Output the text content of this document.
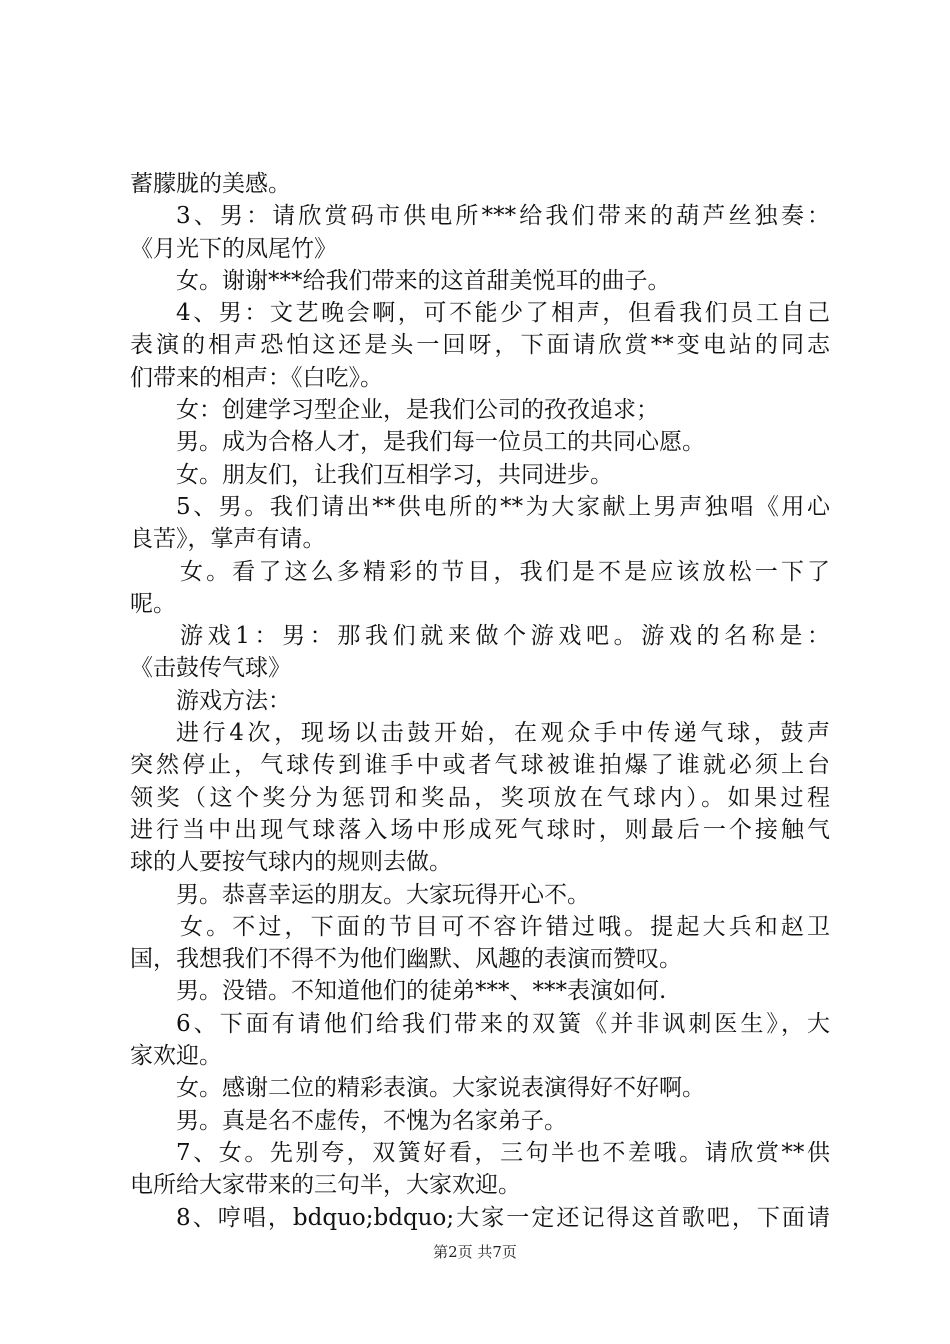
蓄朦胧的美感。
3、男：请欣赏码市供电所***给我们带来的葫芦丝独奏：
《月光下的凤尾竹》
女。谢谢***给我们带来的这首甜美悦耳的曲子。
4、男：文艺晚会啊，可不能少了相声，但看我们员工自己
表演的相声恐怕这还是头一回呀，下面请欣赏**变电站的同志
们带来的相声：《白吃》。
女：创建学习型企业，是我们公司的孜孜追求；
男。成为合格人才，是我们每一位员工的共同心愿。
女。朋友们，让我们互相学习，共同进步。
5、男。我们请出**供电所的**为大家献上男声独唱《用心
良苦》，掌声有请。
女。看了这么多精彩的节目，我们是不是应该放松一下了
呢。
游戏1：男：那我们就来做个游戏吧。游戏的名称是：
《击鼓传气球》
游戏方法：
进行4次，现场以击鼓开始，在观众手中传递气球，鼓声
突然停止，气球传到谁手中或者气球被谁拍爆了谁就必须上台
领奖（这个奖分为惩罚和奖品，奖项放在气球内）。如果过程
进行当中出现气球落入场中形成死气球时，则最后一个接触气
球的人要按气球内的规则去做。
男。恭喜幸运的朋友。大家玩得开心不。
女。不过，下面的节目可不容许错过哦。提起大兵和赵卫
国，我想我们不得不为他们幽默、风趣的表演而赞叹。
男。没错。不知道他们的徒弟***、***表演如何.
6、下面有请他们给我们带来的双簧《并非讽刺医生》，大
家欢迎。
女。感谢二位的精彩表演。大家说表演得好不好啊。
男。真是名不虚传，不愧为名家弟子。
7、女。先别夸，双簧好看，三句半也不差哦。请欣赏**供
电所给大家带来的三句半，大家欢迎。
8、哼唱，bdquo;bdquo;大家一定还记得这首歌吧，下面请
第2页 共7页
